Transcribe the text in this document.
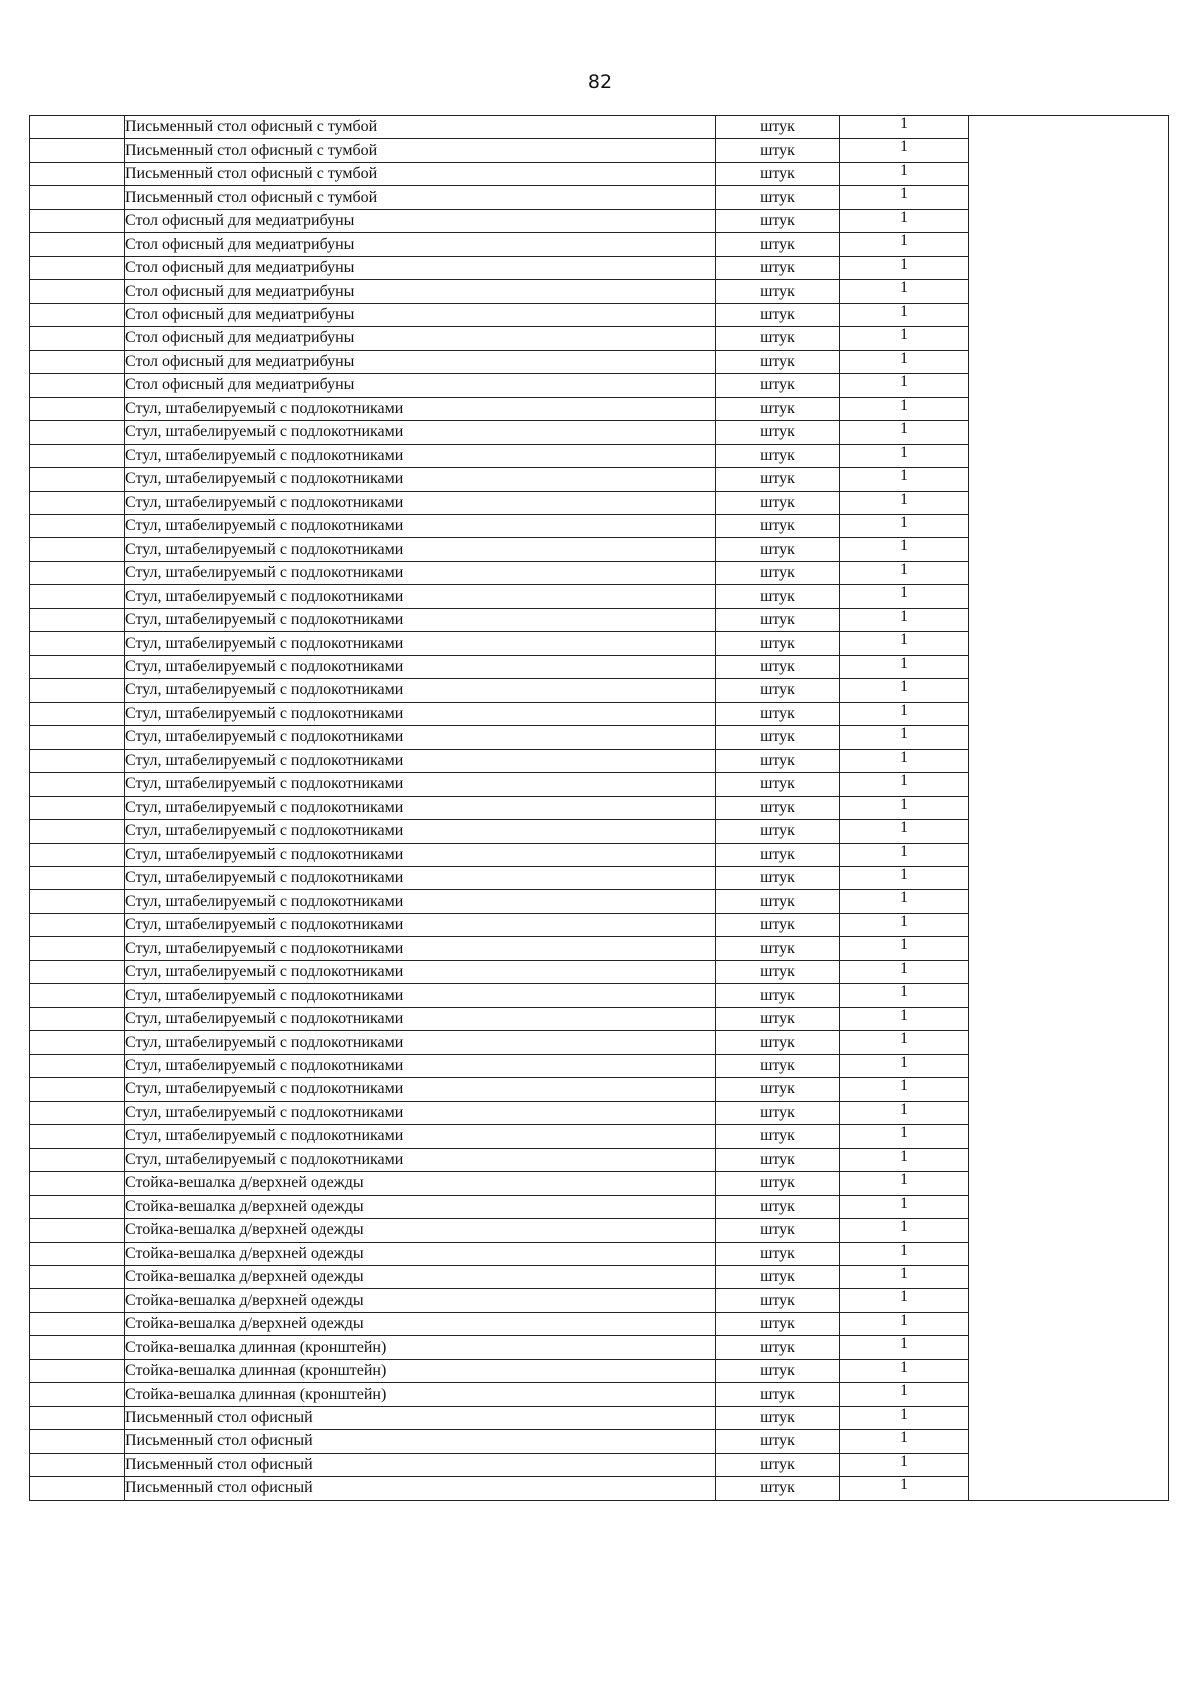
82
	Письменный стол офисный с тумбой	штук	1	
	Письменный стол офисный с тумбой	штук	1	
	Письменный стол офисный с тумбой	штук	1	
	Письменный стол офисный с тумбой	штук	1	
	Стол офисный для медиатрибуны	штук	1	
	Стол офисный для медиатрибуны	штук	1	
	Стол офисный для медиатрибуны	штук	1	
	Стол офисный для медиатрибуны	штук	1	
	Стол офисный для медиатрибуны	штук	1	
	Стол офисный для медиатрибуны	штук	1	
	Стол офисный для медиатрибуны	штук	1	
	Стол офисный для медиатрибуны	штук	1	
	Стул, штабелируемый с подлокотниками	штук	1	
	Стул, штабелируемый с подлокотниками	штук	1	
	Стул, штабелируемый с подлокотниками	штук	1	
	Стул, штабелируемый с подлокотниками	штук	1	
	Стул, штабелируемый с подлокотниками	штук	1	
	Стул, штабелируемый с подлокотниками	штук	1	
	Стул, штабелируемый с подлокотниками	штук	1	
	Стул, штабелируемый с подлокотниками	штук	1	
	Стул, штабелируемый с подлокотниками	штук	1	
	Стул, штабелируемый с подлокотниками	штук	1	
	Стул, штабелируемый с подлокотниками	штук	1	
	Стул, штабелируемый с подлокотниками	штук	1	
	Стул, штабелируемый с подлокотниками	штук	1	
	Стул, штабелируемый с подлокотниками	штук	1	
	Стул, штабелируемый с подлокотниками	штук	1	
	Стул, штабелируемый с подлокотниками	штук	1	
	Стул, штабелируемый с подлокотниками	штук	1	
	Стул, штабелируемый с подлокотниками	штук	1	
	Стул, штабелируемый с подлокотниками	штук	1	
	Стул, штабелируемый с подлокотниками	штук	1	
	Стул, штабелируемый с подлокотниками	штук	1	
	Стул, штабелируемый с подлокотниками	штук	1	
	Стул, штабелируемый с подлокотниками	штук	1	
	Стул, штабелируемый с подлокотниками	штук	1	
	Стул, штабелируемый с подлокотниками	штук	1	
	Стул, штабелируемый с подлокотниками	штук	1	
	Стул, штабелируемый с подлокотниками	штук	1	
	Стул, штабелируемый с подлокотниками	штук	1	
	Стул, штабелируемый с подлокотниками	штук	1	
	Стул, штабелируемый с подлокотниками	штук	1	
	Стул, штабелируемый с подлокотниками	штук	1	
	Стул, штабелируемый с подлокотниками	штук	1	
	Стул, штабелируемый с подлокотниками	штук	1	
	Стойка-вешалка д/верхней одежды	штук	1	
	Стойка-вешалка д/верхней одежды	штук	1	
	Стойка-вешалка д/верхней одежды	штук	1	
	Стойка-вешалка д/верхней одежды	штук	1	
	Стойка-вешалка д/верхней одежды	штук	1	
	Стойка-вешалка д/верхней одежды	штук	1	
	Стойка-вешалка д/верхней одежды	штук	1	
	Стойка-вешалка длинная (кронштейн)	штук	1	
	Стойка-вешалка длинная (кронштейн)	штук	1	
	Стойка-вешалка длинная (кронштейн)	штук	1	
	Письменный стол офисный	штук	1	
	Письменный стол офисный	штук	1	
	Письменный стол офисный	штук	1	
	Письменный стол офисный	штук	1	
